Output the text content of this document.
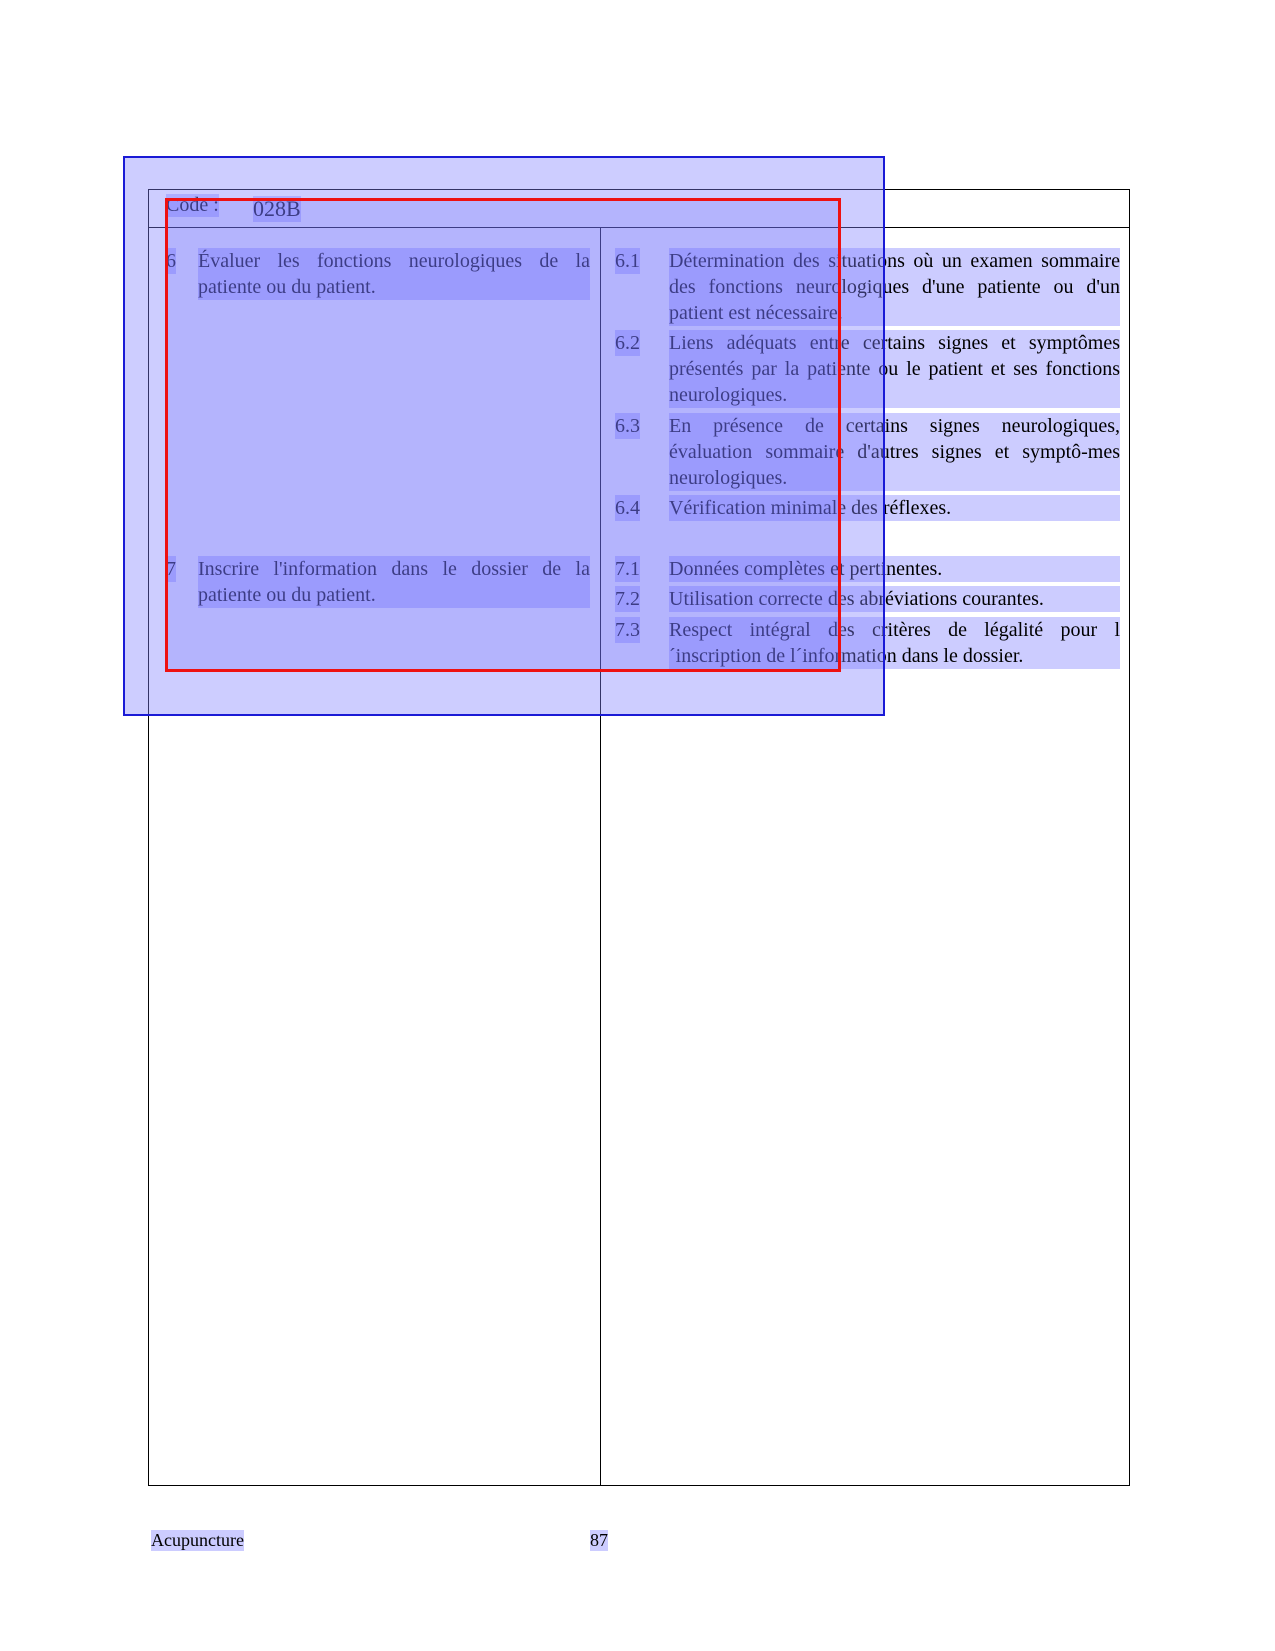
Code : 028B
6 Évaluer les fonctions neurologiques de la patiente ou du patient.
6.1 Détermination des situations où un examen sommaire des fonctions neurologiques d'une patiente ou d'un patient est nécessaire.
6.2 Liens adéquats entre certains signes et symptômes présentés par la patiente ou le patient et ses fonctions neurologiques.
6.3 En présence de certains signes neurologiques, évaluation sommaire d'autres signes et symptô-mes neurologiques.
6.4 Vérification minimale des réflexes.
7 Inscrire l'information dans le dossier de la patiente ou du patient.
7.1 Données complètes et pertinentes.
7.2 Utilisation correcte des abréviations courantes.
7.3 Respect intégral des critères de légalité pour l´inscription de l´information dans le dossier.
Acupuncture	87
